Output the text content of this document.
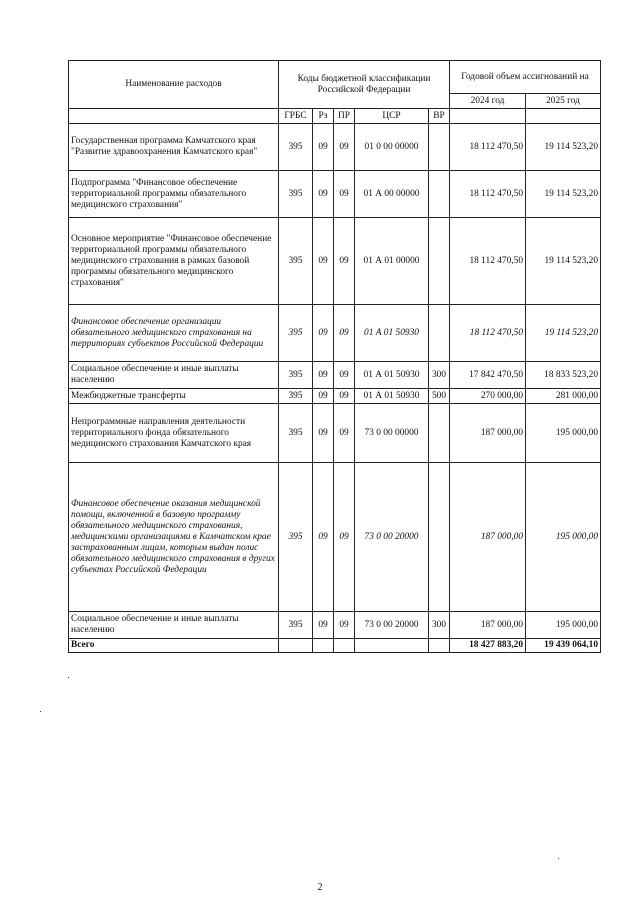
Наименование расходов	Коды бюджетной классификации Российской Федерации					Годовой объем ассигнований на	
						2024 год	2025 год
	ГРБС	Рз	ПР	ЦСР	ВР		
Государственная программа Камчатского края "Развитие здравоохранения Камчатского края"	395	09	09	01 0 00 00000		18 112 470,50	19 114 523,20
Подпрограмма "Финансовое обеспечение территориальной программы обязательного медицинского страхования"	395	09	09	01 А 00 00000		18 112 470,50	19 114 523,20
Основное мероприятие "Финансовое обеспечение территориальной программы обязательного медицинского страхования в рамках базовой программы обязательного медицинского страхования"	395	09	09	01 А 01 00000		18 112 470,50	19 114 523,20
Финансовое обеспечение организации обязательного медицинского страхования на территориях субъектов Российской Федерации	395	09	09	01 А 01 50930		18 112 470,50	19 114 523,20
Социальное обеспечение и иные выплаты населению	395	09	09	01 А 01 50930	300	17 842 470,50	18 833 523,20
Межбюджетные трансферты	395	09	09	01 А 01 50930	500	270 000,00	281 000,00
Непрограммные направления деятельности территориального фонда обязательного медицинского страхования Камчатского края	395	09	09	73 0 00 00000		187 000,00	195 000,00
Финансовое обеспечение оказания медицинской помощи, включенной в базовую программу обязательного медицинского страхования, медицинскими организациями в Камчатском крае застрахованным лицам, которым выдан полис обязательного медицинского страхования в других субъектах Российской Федерации	395	09	09	73 0 00 20000		187 000,00	195 000,00
Социальное обеспечение и иные выплаты населению	395	09	09	73 0 00 20000	300	187 000,00	195 000,00
Всего						18 427 883,20	19 439 064,10
2
